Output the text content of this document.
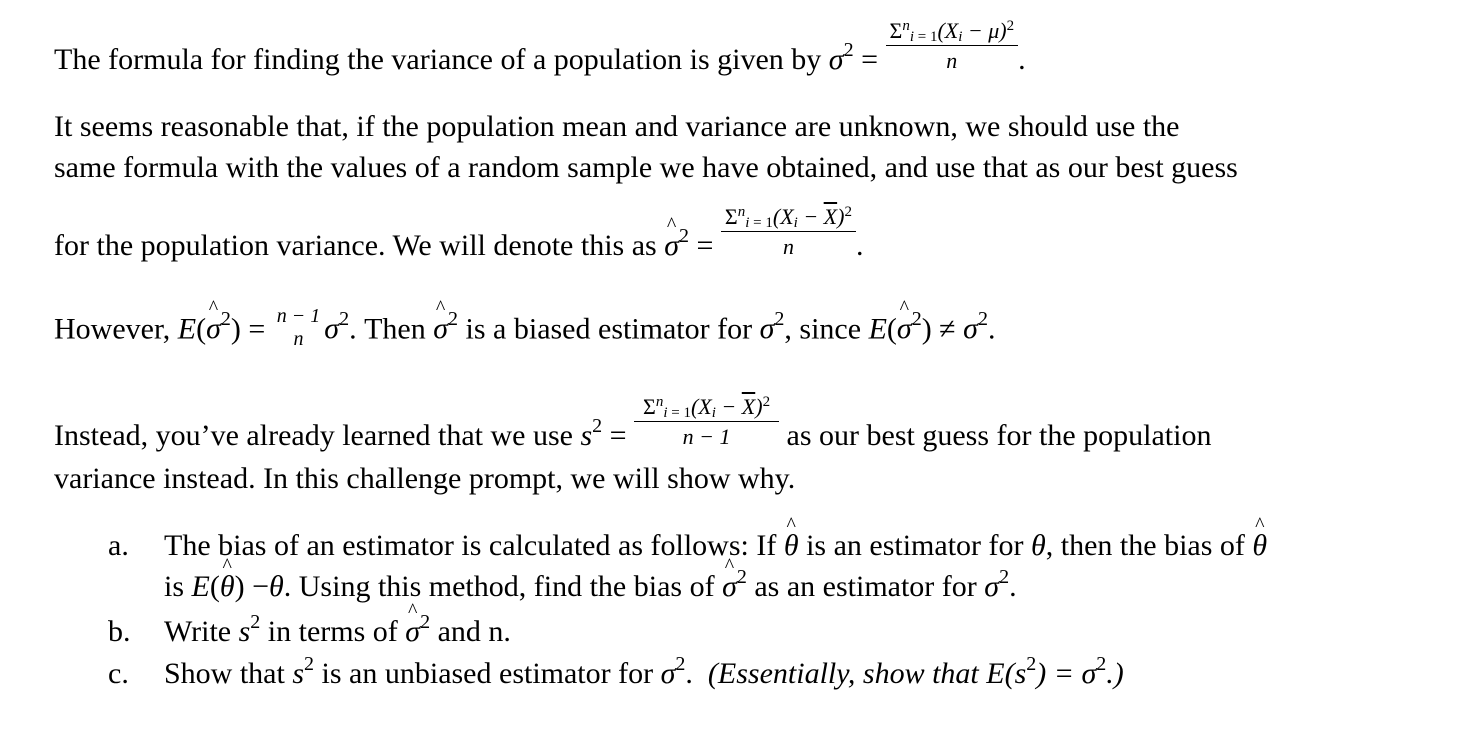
The formula for finding the variance of a population is given by $\sigma^2 = \frac{\Sigma^n_{i = 1}(X_i - \mu)^2}{n}$ .
It seems reasonable that, if the population mean and variance are unknown, we should use the
same formula with the values of a random sample we have obtained, and use that as our best guess
for the population variance. We will denote this as σ ^$^2$ = $\frac{\Sigma^n_{i = 1}(X_i - \overline{X})^2}{n}$ .
However, E(σ ^$^2$) = n − 1
n $\sigma^2$. Then σ ^$^2$ is a biased estimator for $\sigma^2$, since E(σ ^$^2$) ≠ $\sigma^2$.
Instead, you’ve already learned that we use $s^2 = \frac{\Sigma^n_{i = 1}(X_i - \overline{X})^2}{n - 1}$ as our best guess for the population
variance instead. In this challenge prompt, we will show why.
a. The bias of an estimator is calculated as follows: If θ ^ is an estimator for θ, then the bias of θ ^
is E(θ ^) −θ. Using this method, find the bias of σ ^$^2$ as an estimator for $\sigma^2$.
b. Write $s^2$ in terms of σ ^$^2$ and n.
c. Show that $s^2$ is an unbiased estimator for $\sigma^2$.  (Essentially, show that $E(s^2) = \sigma^2$.)
